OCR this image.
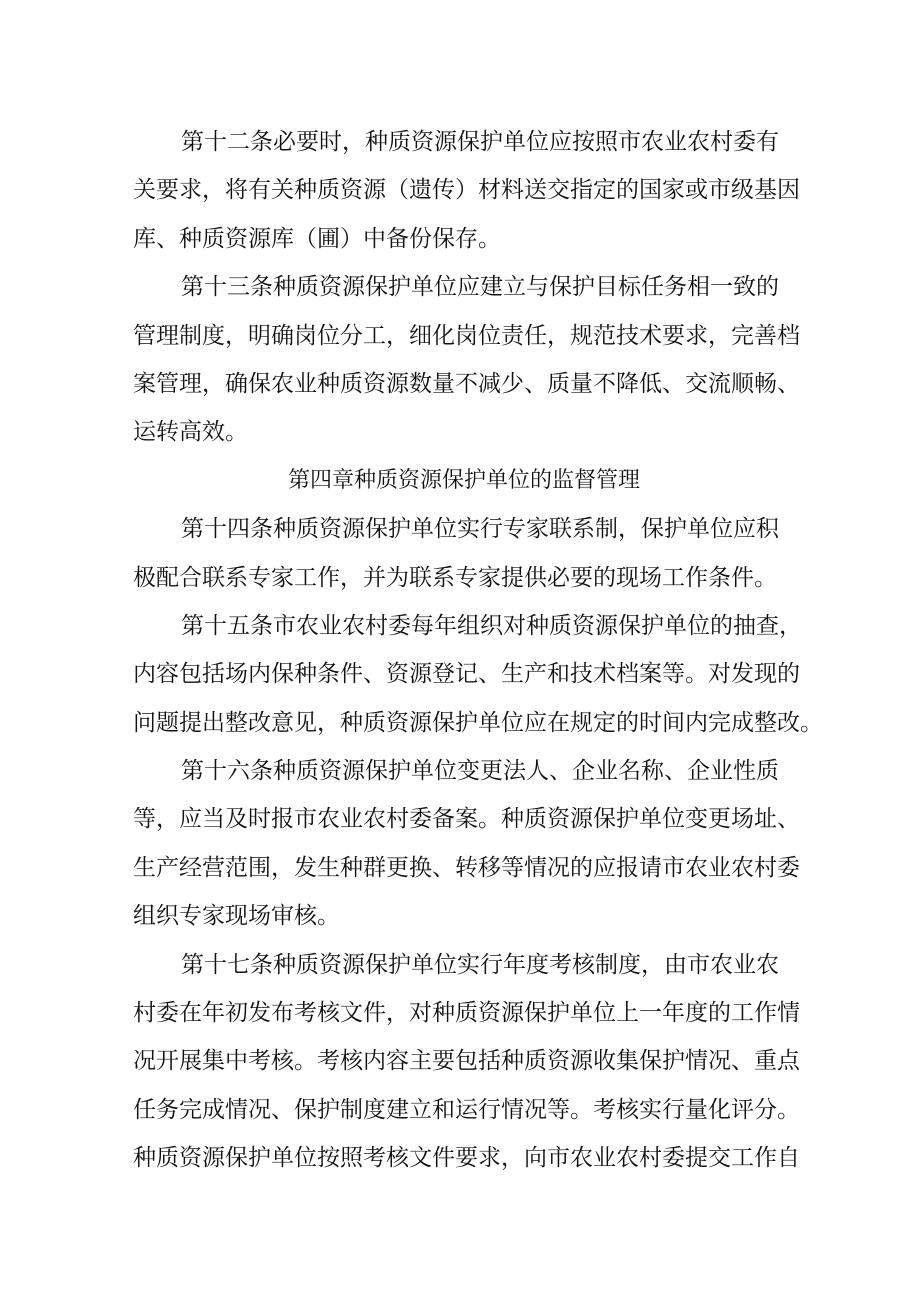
第十二条必要时，种质资源保护单位应按照市农业农村委有
关要求，将有关种质资源（遗传）材料送交指定的国家或市级基因
库、种质资源库（圃）中备份保存。
第十三条种质资源保护单位应建立与保护目标任务相一致的
管理制度，明确岗位分工，细化岗位责任，规范技术要求，完善档
案管理，确保农业种质资源数量不减少、质量不降低、交流顺畅、
运转高效。
第四章种质资源保护单位的监督管理
第十四条种质资源保护单位实行专家联系制，保护单位应积
极配合联系专家工作，并为联系专家提供必要的现场工作条件。
第十五条市农业农村委每年组织对种质资源保护单位的抽查，
内容包括场内保种条件、资源登记、生产和技术档案等。对发现的
问题提出整改意见，种质资源保护单位应在规定的时间内完成整改。
第十六条种质资源保护单位变更法人、企业名称、企业性质
等，应当及时报市农业农村委备案。种质资源保护单位变更场址、
生产经营范围，发生种群更换、转移等情况的应报请市农业农村委
组织专家现场审核。
第十七条种质资源保护单位实行年度考核制度，由市农业农
村委在年初发布考核文件，对种质资源保护单位上一年度的工作情
况开展集中考核。考核内容主要包括种质资源收集保护情况、重点
任务完成情况、保护制度建立和运行情况等。考核实行量化评分。
种质资源保护单位按照考核文件要求，向市农业农村委提交工作自
